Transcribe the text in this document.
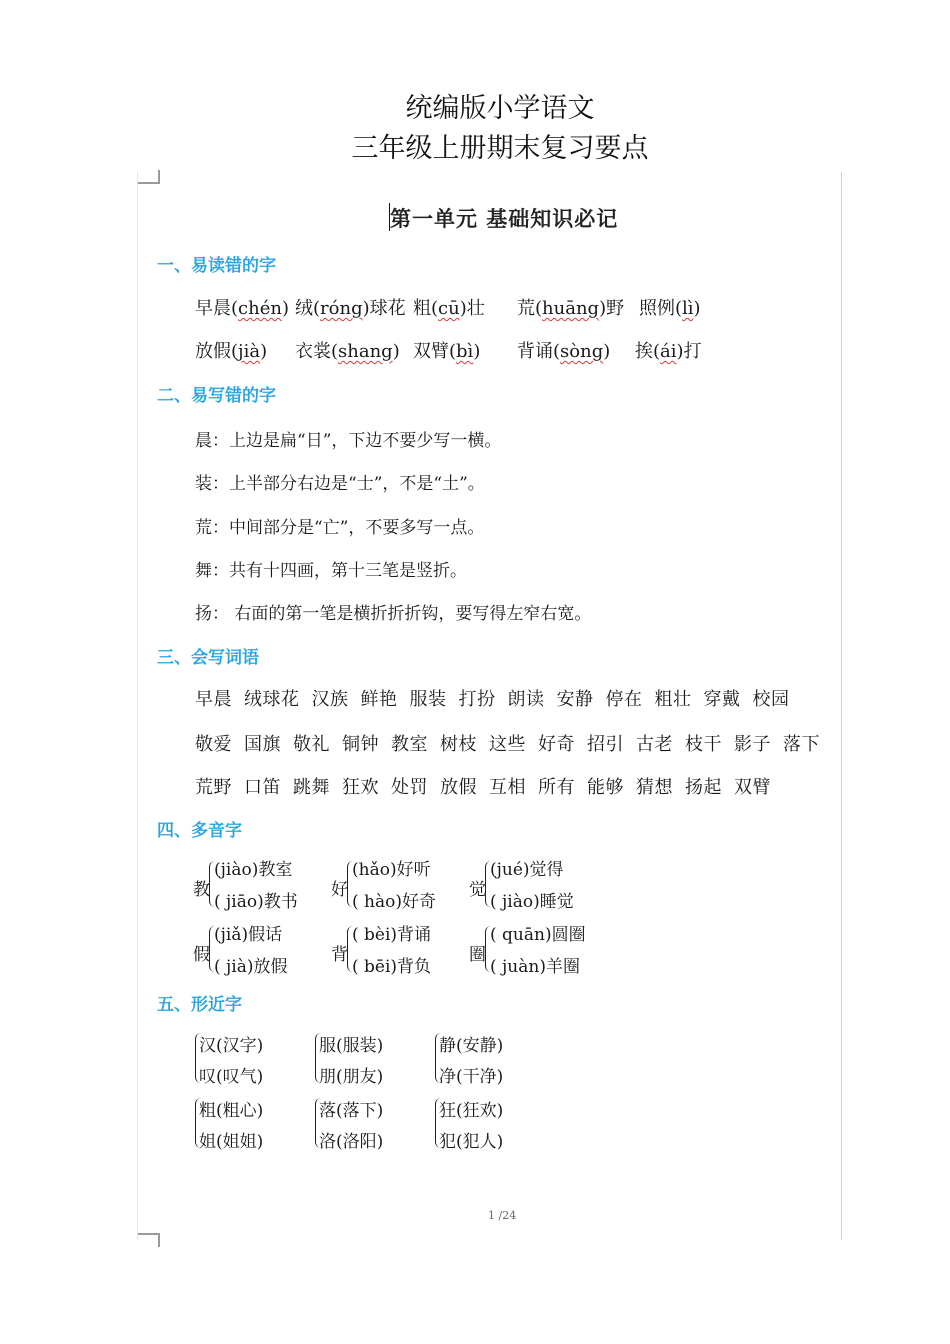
统编版小学语文
三年级上册期末复习要点
第一单元 基础知识必记
一、易读错的字
早晨(chén) 绒(róng)球花 粗(cū)壮 荒(huāng)野 照例(lì)
放假(jià) 衣裳(shang) 双臂(bì) 背诵(sòng) 挨(ái)打
二、易写错的字
晨：上边是扁“日”，下边不要少写一横。
装：上半部分右边是“士”，不是“土”。
荒：中间部分是“亡”，不要多写一点。
舞：共有十四画，第十三笔是竖折。
扬： 右面的第一笔是横折折折钩，要写得左窄右宽。
三、会写词语
早晨 绒球花 汉族 鲜艳 服装 打扮 朗读 安静 停在 粗壮 穿戴 校园
敬爱 国旗 敬礼 铜钟 教室 树枝 这些 好奇 招引 古老 枝干 影子 落下
荒野 口笛 跳舞 狂欢 处罚 放假 互相 所有 能够 猜想 扬起 双臂
四、多音字
教
(jiào)教室
( jiāo)教书
好
(hǎo)好听
( hào)好奇
觉
(jué)觉得
( jiào)睡觉
假
(jiǎ)假话
( jià)放假
背
( bèi)背诵
( bēi)背负
圈
( quān)圆圈
( juàn)羊圈
五、形近字
汉(汉字)
叹(叹气)
服(服装)
朋(朋友)
静(安静)
净(干净)
粗(粗心)
姐(姐姐)
落(落下)
洛(洛阳)
狂(狂欢)
犯(犯人)
1 /24
